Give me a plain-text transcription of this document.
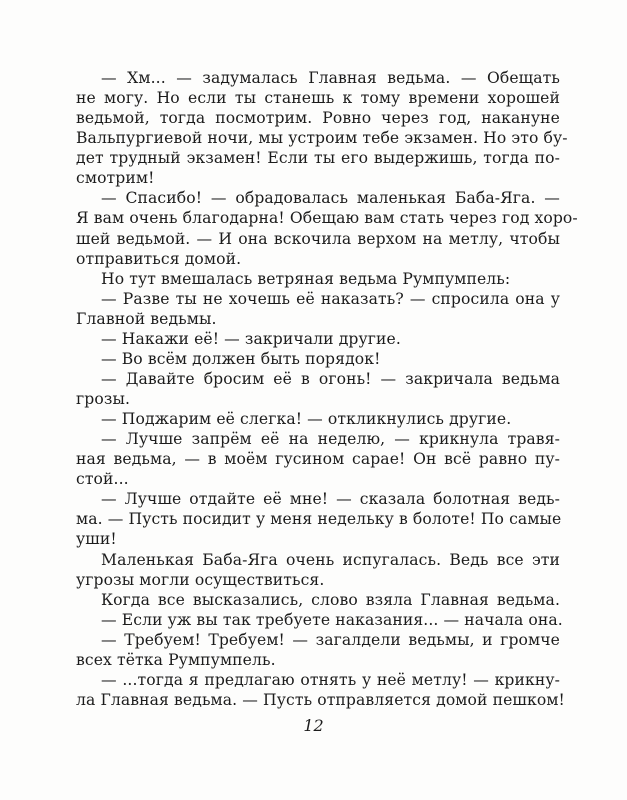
— Хм... — задумалась Главная ведьма. — Обещать
не могу. Но если ты станешь к тому времени хорошей
ведьмой, тогда посмотрим. Ровно через год, накануне
Вальпургиевой ночи, мы устроим тебе экзамен. Но это бу-
дет трудный экзамен! Если ты его выдержишь, тогда по-
смотрим!
— Спасибо! — обрадовалась маленькая Баба-Яга. —
Я вам очень благодарна! Обещаю вам стать через год хоро-
шей ведьмой. — И она вскочила верхом на метлу, чтобы
отправиться домой.
Но тут вмешалась ветряная ведьма Румпумпель:
— Разве ты не хочешь её наказать? — спросила она у
Главной ведьмы.
— Накажи её! — закричали другие.
— Во всём должен быть порядок!
— Давайте бросим её в огонь! — закричала ведьма
грозы.
— Поджарим её слегка! — откликнулись другие.
— Лучше запрём её на неделю, — крикнула травя-
ная ведьма, — в моём гусином сарае! Он всё равно пу-
стой...
— Лучше отдайте её мне! — сказала болотная ведь-
ма. — Пусть посидит у меня недельку в болоте! По самые
уши!
Маленькая Баба-Яга очень испугалась. Ведь все эти
угрозы могли осуществиться.
Когда все высказались, слово взяла Главная ведьма.
— Если уж вы так требуете наказания... — начала она.
— Требуем! Требуем! — загалдели ведьмы, и громче
всех тётка Румпумпель.
— ...тогда я предлагаю отнять у неё метлу! — крикну-
ла Главная ведьма. — Пусть отправляется домой пешком!
12
